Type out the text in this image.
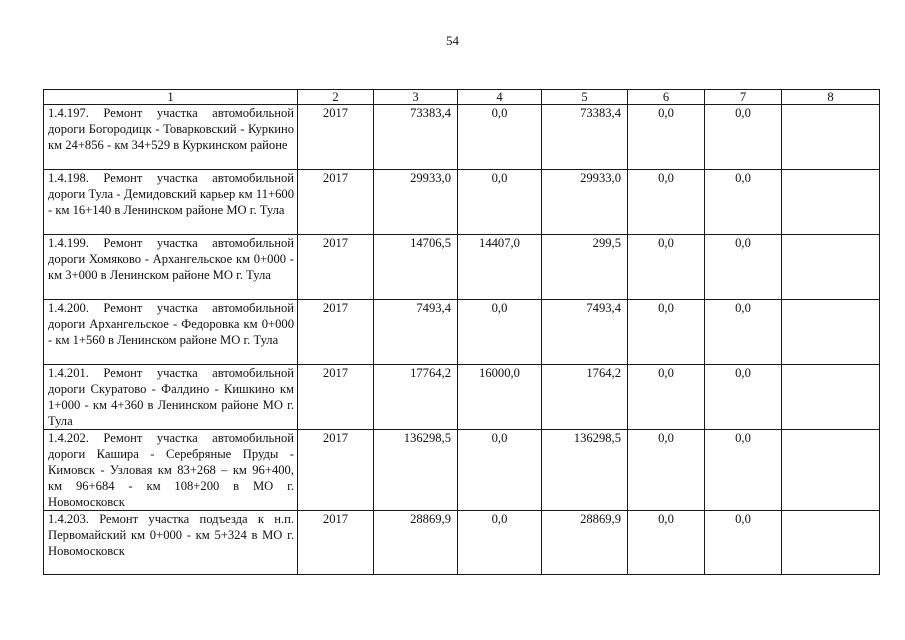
54
1	2	3	4	5	6	7	8
1.4.197. Ремонт участка автомобильной дороги Богородицк - Товарковский - Куркино км 24+856 - км 34+529 в Куркинском районе	2017	73383,4	0,0	73383,4	0,0	0,0	
1.4.198. Ремонт участка автомобильной дороги Тула - Демидовский карьер км 11+600 - км 16+140 в Ленинском районе МО г. Тула	2017	29933,0	0,0	29933,0	0,0	0,0	
1.4.199. Ремонт участка автомобильной дороги Хомяково - Архангельское км 0+000 - км 3+000 в Ленинском районе МО г. Тула	2017	14706,5	14407,0	299,5	0,0	0,0	
1.4.200. Ремонт участка автомобильной дороги Архангельское - Федоровка км 0+000 - км 1+560 в Ленинском районе МО г. Тула	2017	7493,4	0,0	7493,4	0,0	0,0	
1.4.201. Ремонт участка автомобильной дороги Скуратово - Фалдино - Кишкино км 1+000 - км 4+360 в Ленинском районе МО г. Тула	2017	17764,2	16000,0	1764,2	0,0	0,0	
1.4.202. Ремонт участка автомобильной дороги Кашира - Серебряные Пруды - Кимовск - Узловая км 83+268 – км 96+400, км 96+684 - км 108+200 в МО г. Новомосковск	2017	136298,5	0,0	136298,5	0,0	0,0	
1.4.203. Ремонт участка подъезда к н.п. Первомайский км 0+000 - км 5+324 в МО г. Новомосковск	2017	28869,9	0,0	28869,9	0,0	0,0	
